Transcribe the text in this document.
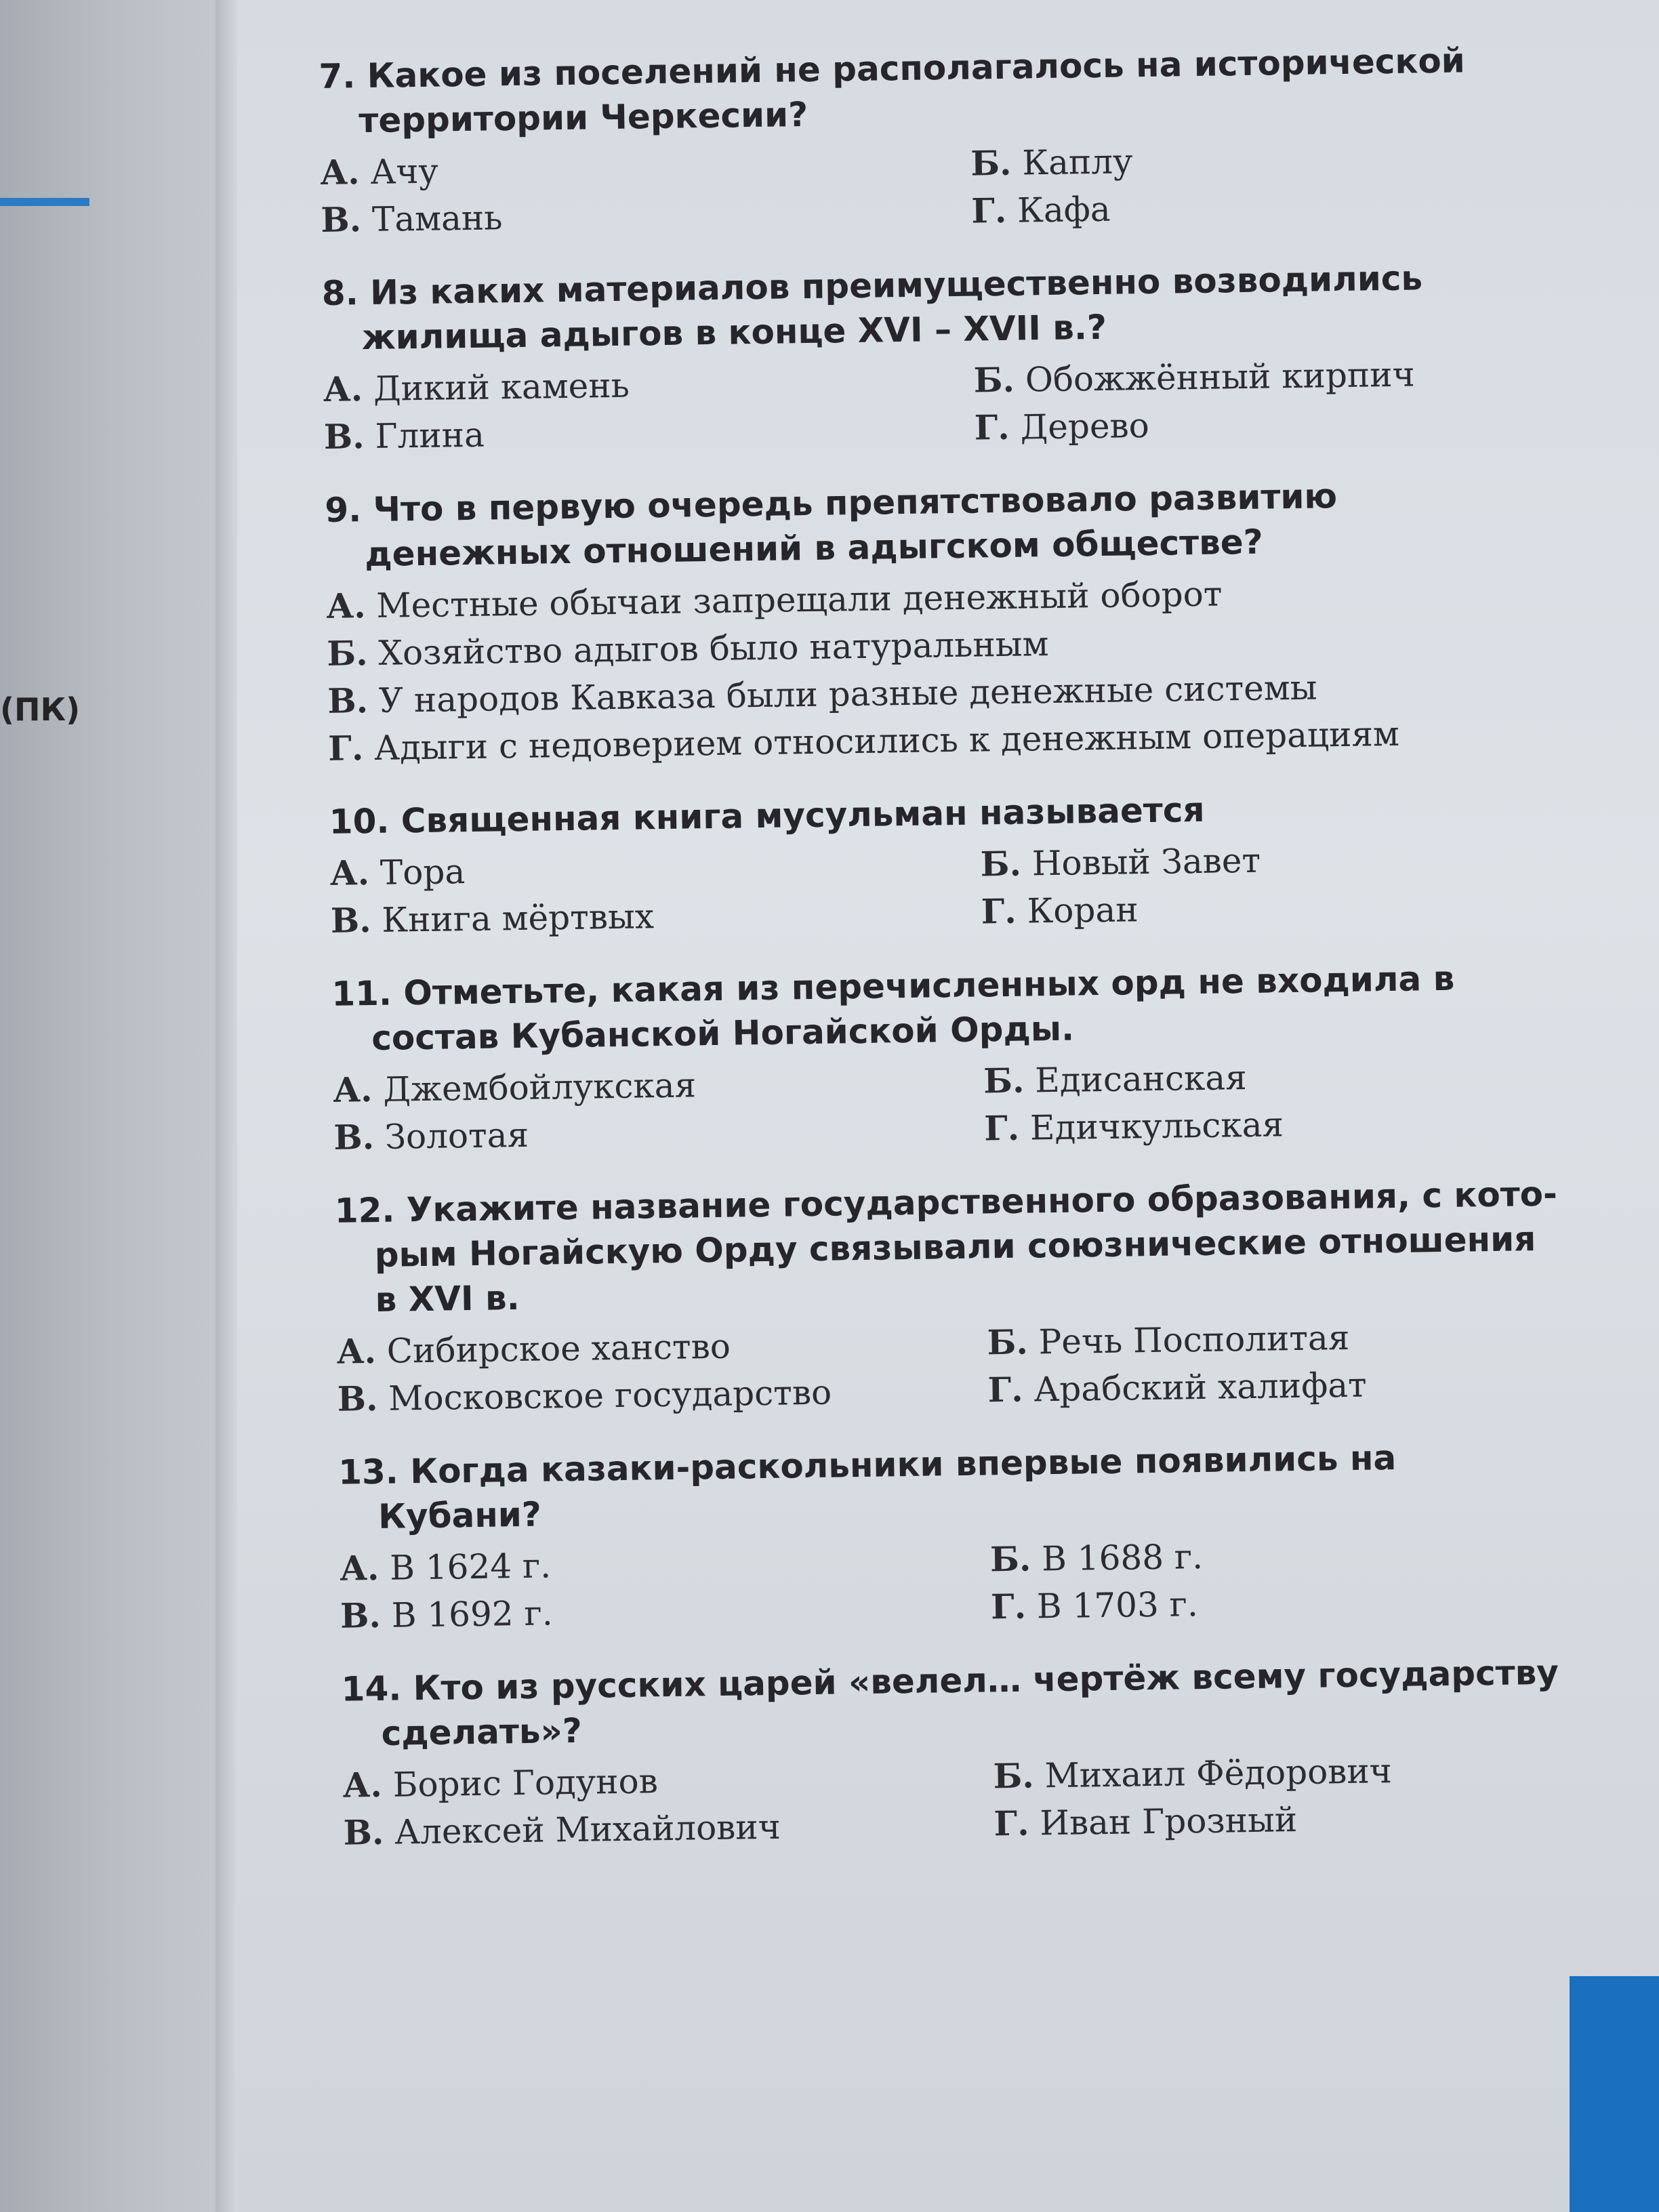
(ПК)
7. Какое из поселений не располагалось на исторической территории Черкесии?
А. Ачу	Б. Каплу
В. Тамань	Г. Кафа
8. Из каких материалов преимущественно возводились жилища адыгов в конце XVI – XVII в.?
А. Дикий камень	Б. Обожжённый кирпич
В. Глина	Г. Дерево
9. Что в первую очередь препятствовало развитию денежных отношений в адыгском обществе?
А. Местные обычаи запрещали денежный оборот
Б. Хозяйство адыгов было натуральным
В. У народов Кавказа были разные денежные системы
Г. Адыги с недоверием относились к денежным операциям
10. Священная книга мусульман называется
А. Тора	Б. Новый Завет
В. Книга мёртвых	Г. Коран
11. Отметьте, какая из перечисленных орд не входила в состав Кубанской Ногайской Орды.
А. Джембойлукская	Б. Едисанская
В. Золотая	Г. Едичкульская
12. Укажите название государственного образования, с кото-рым Ногайскую Орду связывали союзнические отношения в XVI в.
А. Сибирское ханство	Б. Речь Посполитая
В. Московское государство	Г. Арабский халифат
13. Когда казаки-раскольники впервые появились на Кубани?
А. В 1624 г.	Б. В 1688 г.
В. В 1692 г.	Г. В 1703 г.
14. Кто из русских царей «велел… чертёж всему государству сделать»?
А. Борис Годунов	Б. Михаил Фёдорович
В. Алексей Михайлович	Г. Иван Грозный
